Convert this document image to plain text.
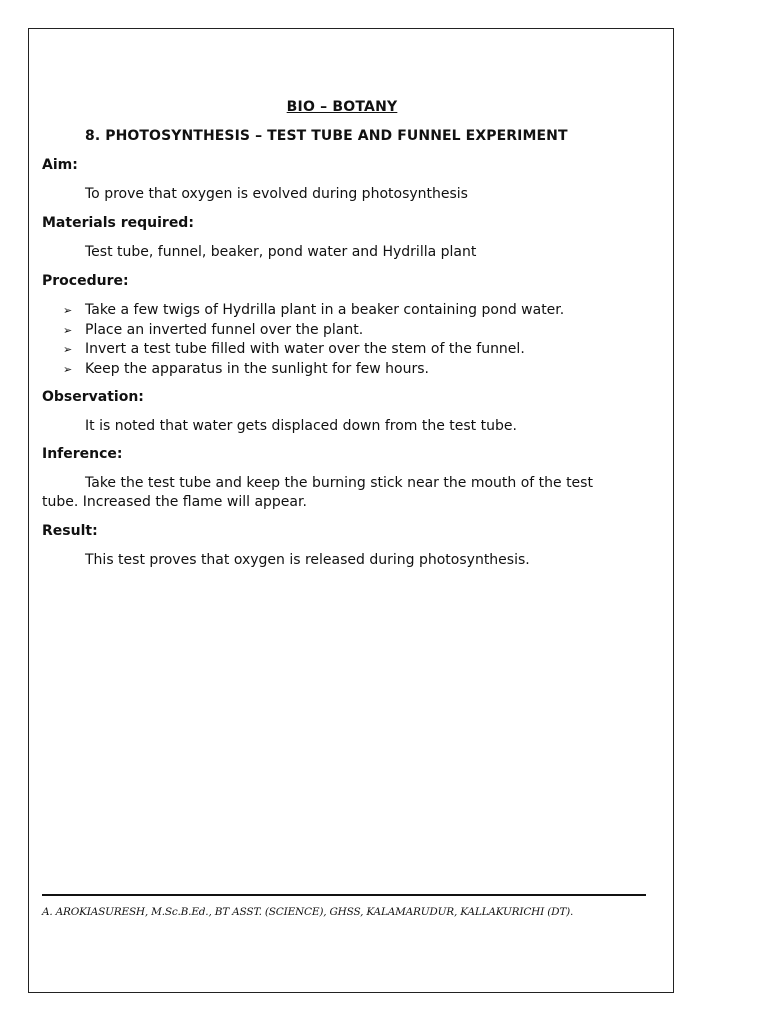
BIO – BOTANY
8. PHOTOSYNTHESIS – TEST TUBE AND FUNNEL EXPERIMENT
Aim:
To prove that oxygen is evolved during photosynthesis
Materials required:
Test tube, funnel, beaker, pond water and Hydrilla plant
Procedure:
➢ Take a few twigs of Hydrilla plant in a beaker containing pond water.
➢ Place an inverted funnel over the plant.
➢ Invert a test tube filled with water over the stem of the funnel.
➢ Keep the apparatus in the sunlight for few hours.
Observation:
It is noted that water gets displaced down from the test tube.
Inference:
Take the test tube and keep the burning stick near the mouth of the test tube. Increased the flame will appear.
Result:
This test proves that oxygen is released during photosynthesis.
A. AROKIASURESH, M.Sc.B.Ed., BT ASST. (SCIENCE), GHSS, KALAMARUDUR, KALLAKURICHI (DT).
